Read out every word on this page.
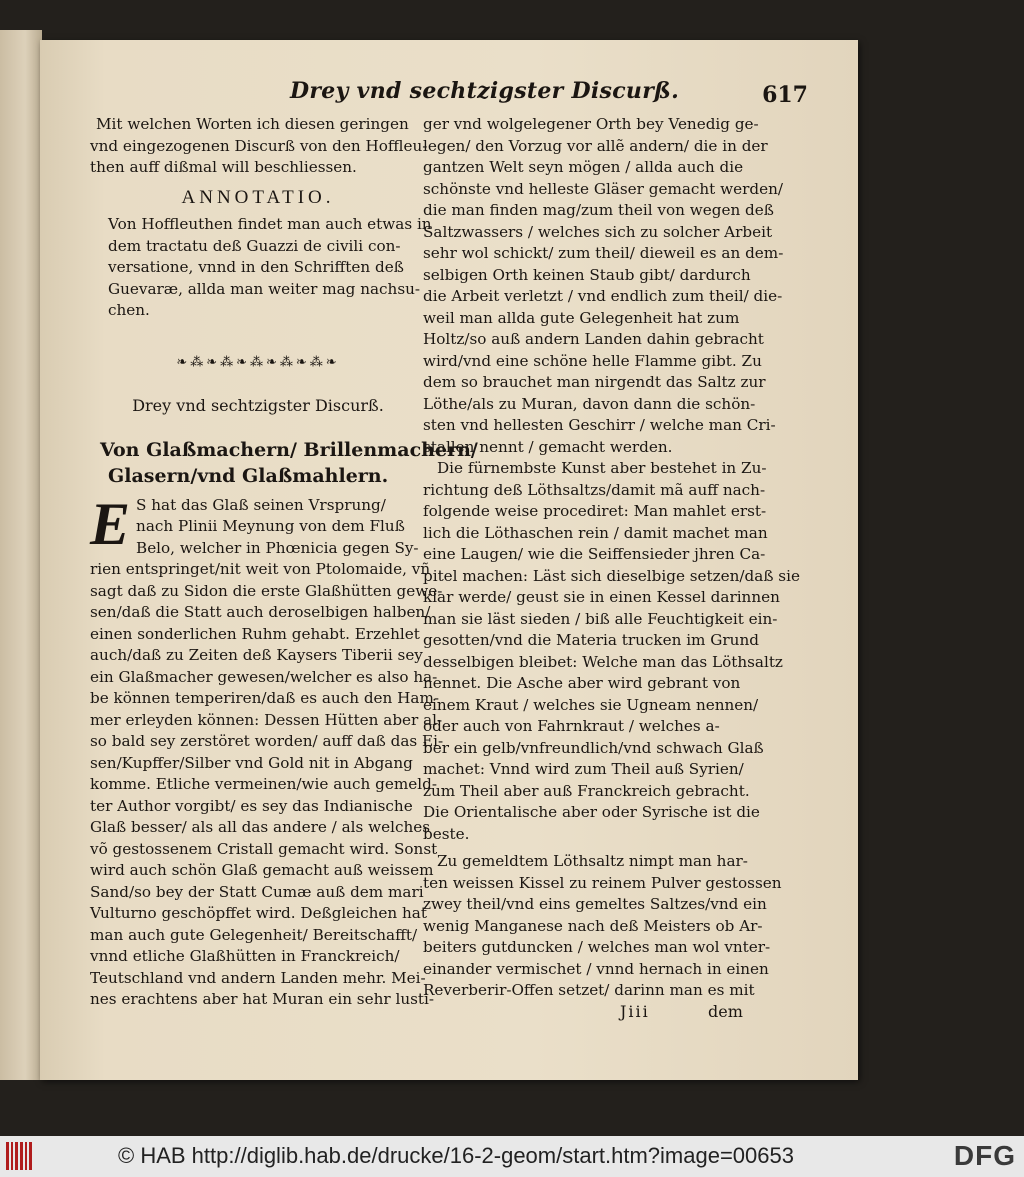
Drey vnd sechtzigster Discurß.	617
Mit welchen Worten ich diesen geringen
vnd eingezogenen Discurß von den Hoffleu-
then auff dißmal will beschliessen.
ANNOTATIO.
Von Hoffleuthen findet man auch etwas in
dem tractatu deß Guazzi de civili con-
versatione, vnnd in den Schrifften deß
Guevaræ, allda man weiter mag nachsu-
chen.
❧⁂❧⁂❧⁂❧⁂❧⁂❧
Drey vnd sechtzigster Discurß.
Von Glaßmachern/ Brillenmachern/
Glasern/vnd Glaßmahlern.
E S hat das Glaß seinen Vrsprung/
nach Plinii Meynung von dem Fluß
Belo, welcher in Phœnicia gegen Sy-
rien entspringet/nit weit von Ptolomaide, vñ
sagt daß zu Sidon die erste Glaßhütten gewe-
sen/daß die Statt auch deroselbigen halben/
einen sonderlichen Ruhm gehabt. Erzehlet
auch/daß zu Zeiten deß Kaysers Tiberii sey
ein Glaßmacher gewesen/welcher es also ha-
be können temperiren/daß es auch den Ham-
mer erleyden können: Dessen Hütten aber al-
so bald sey zerstöret worden/ auff daß das Ei-
sen/Kupffer/Silber vnd Gold nit in Abgang
komme. Etliche vermeinen/wie auch gemeld-
ter Author vorgibt/ es sey das Indianische
Glaß besser/ als all das andere / als welches
võ gestossenem Cristall gemacht wird. Sonst
wird auch schön Glaß gemacht auß weissem
Sand/so bey der Statt Cumæ auß dem mari
Vulturno geschöpffet wird. Deßgleichen hat
man auch gute Gelegenheit/ Bereitschafft/
vnnd etliche Glaßhütten in Franckreich/
Teutschland vnd andern Landen mehr. Mei-
nes erachtens aber hat Muran ein sehr lusti-
ger vnd wolgelegener Orth bey Venedig ge-
legen/ den Vorzug vor allẽ andern/ die in der
gantzen Welt seyn mögen / allda auch die
schönste vnd helleste Gläser gemacht werden/
die man finden mag/zum theil von wegen deß
Saltzwassers / welches sich zu solcher Arbeit
sehr wol schickt/ zum theil/ dieweil es an dem-
selbigen Orth keinen Staub gibt/ dardurch
die Arbeit verletzt / vnd endlich zum theil/ die-
weil man allda gute Gelegenheit hat zum
Holtz/so auß andern Landen dahin gebracht
wird/vnd eine schöne helle Flamme gibt. Zu
dem so brauchet man nirgendt das Saltz zur
Löthe/als zu Muran, davon dann die schön-
sten vnd hellesten Geschirr / welche man Cri-
stallen nennt / gemacht werden.
Die fürnembste Kunst aber bestehet in Zu-
richtung deß Löthsaltzs/damit mã auff nach-
folgende weise procediret: Man mahlet erst-
lich die Löthaschen rein / damit machet man
eine Laugen/ wie die Seiffensieder jhren Ca-
pitel machen: Läst sich dieselbige setzen/daß sie
klar werde/ geust sie in einen Kessel darinnen
man sie läst sieden / biß alle Feuchtigkeit ein-
gesotten/vnd die Materia trucken im Grund
desselbigen bleibet: Welche man das Löthsaltz
nennet. Die Asche aber wird gebrant von
einem Kraut / welches sie Ugneam nennen/
oder auch von Fahrnkraut / welches a-
ber ein gelb/vnfreundlich/vnd schwach Glaß
machet: Vnnd wird zum Theil auß Syrien/
zum Theil aber auß Franckreich gebracht.
Die Orientalische aber oder Syrische ist die
beste.
Zu gemeldtem Löthsaltz nimpt man har-
ten weissen Kissel zu reinem Pulver gestossen
zwey theil/vnd eins gemeltes Saltzes/vnd ein
wenig Manganese nach deß Meisters ob Ar-
beiters gutduncken / welches man wol vnter-
einander vermischet / vnnd hernach in einen
Reverberir-Offen setzet/ darinn man es mit
Jiii	dem
© HAB http://diglib.hab.de/drucke/16-2-geom/start.htm?image=00653	DFG
